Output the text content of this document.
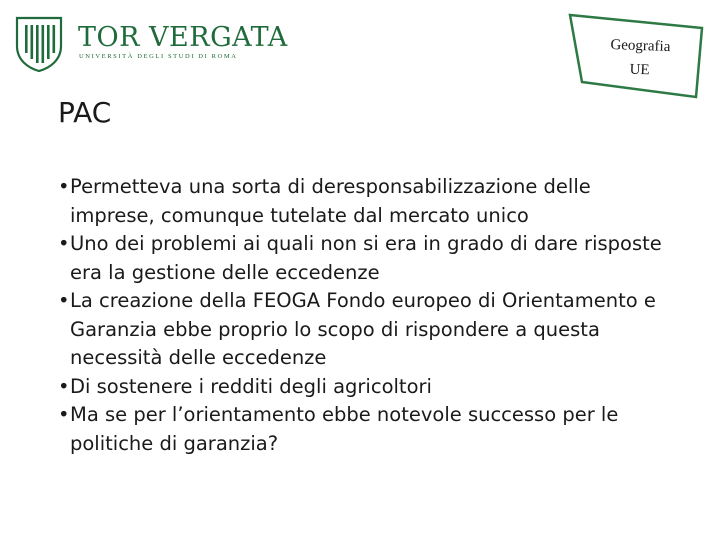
TOR VERGATA
UNIVERSITÀ DEGLI STUDI DI ROMA
Geografia
UE
PAC
• Permetteva una sorta di deresponsabilizzazione delle imprese, comunque tutelate dal mercato unico
• Uno dei problemi ai quali non si era in grado di dare risposte era la gestione delle eccedenze
• La creazione della FEOGA Fondo europeo di Orientamento e Garanzia ebbe proprio lo scopo di rispondere a questa necessità delle eccedenze
• Di sostenere i redditi degli agricoltori
• Ma se per l’orientamento ebbe notevole successo per le politiche di garanzia?
